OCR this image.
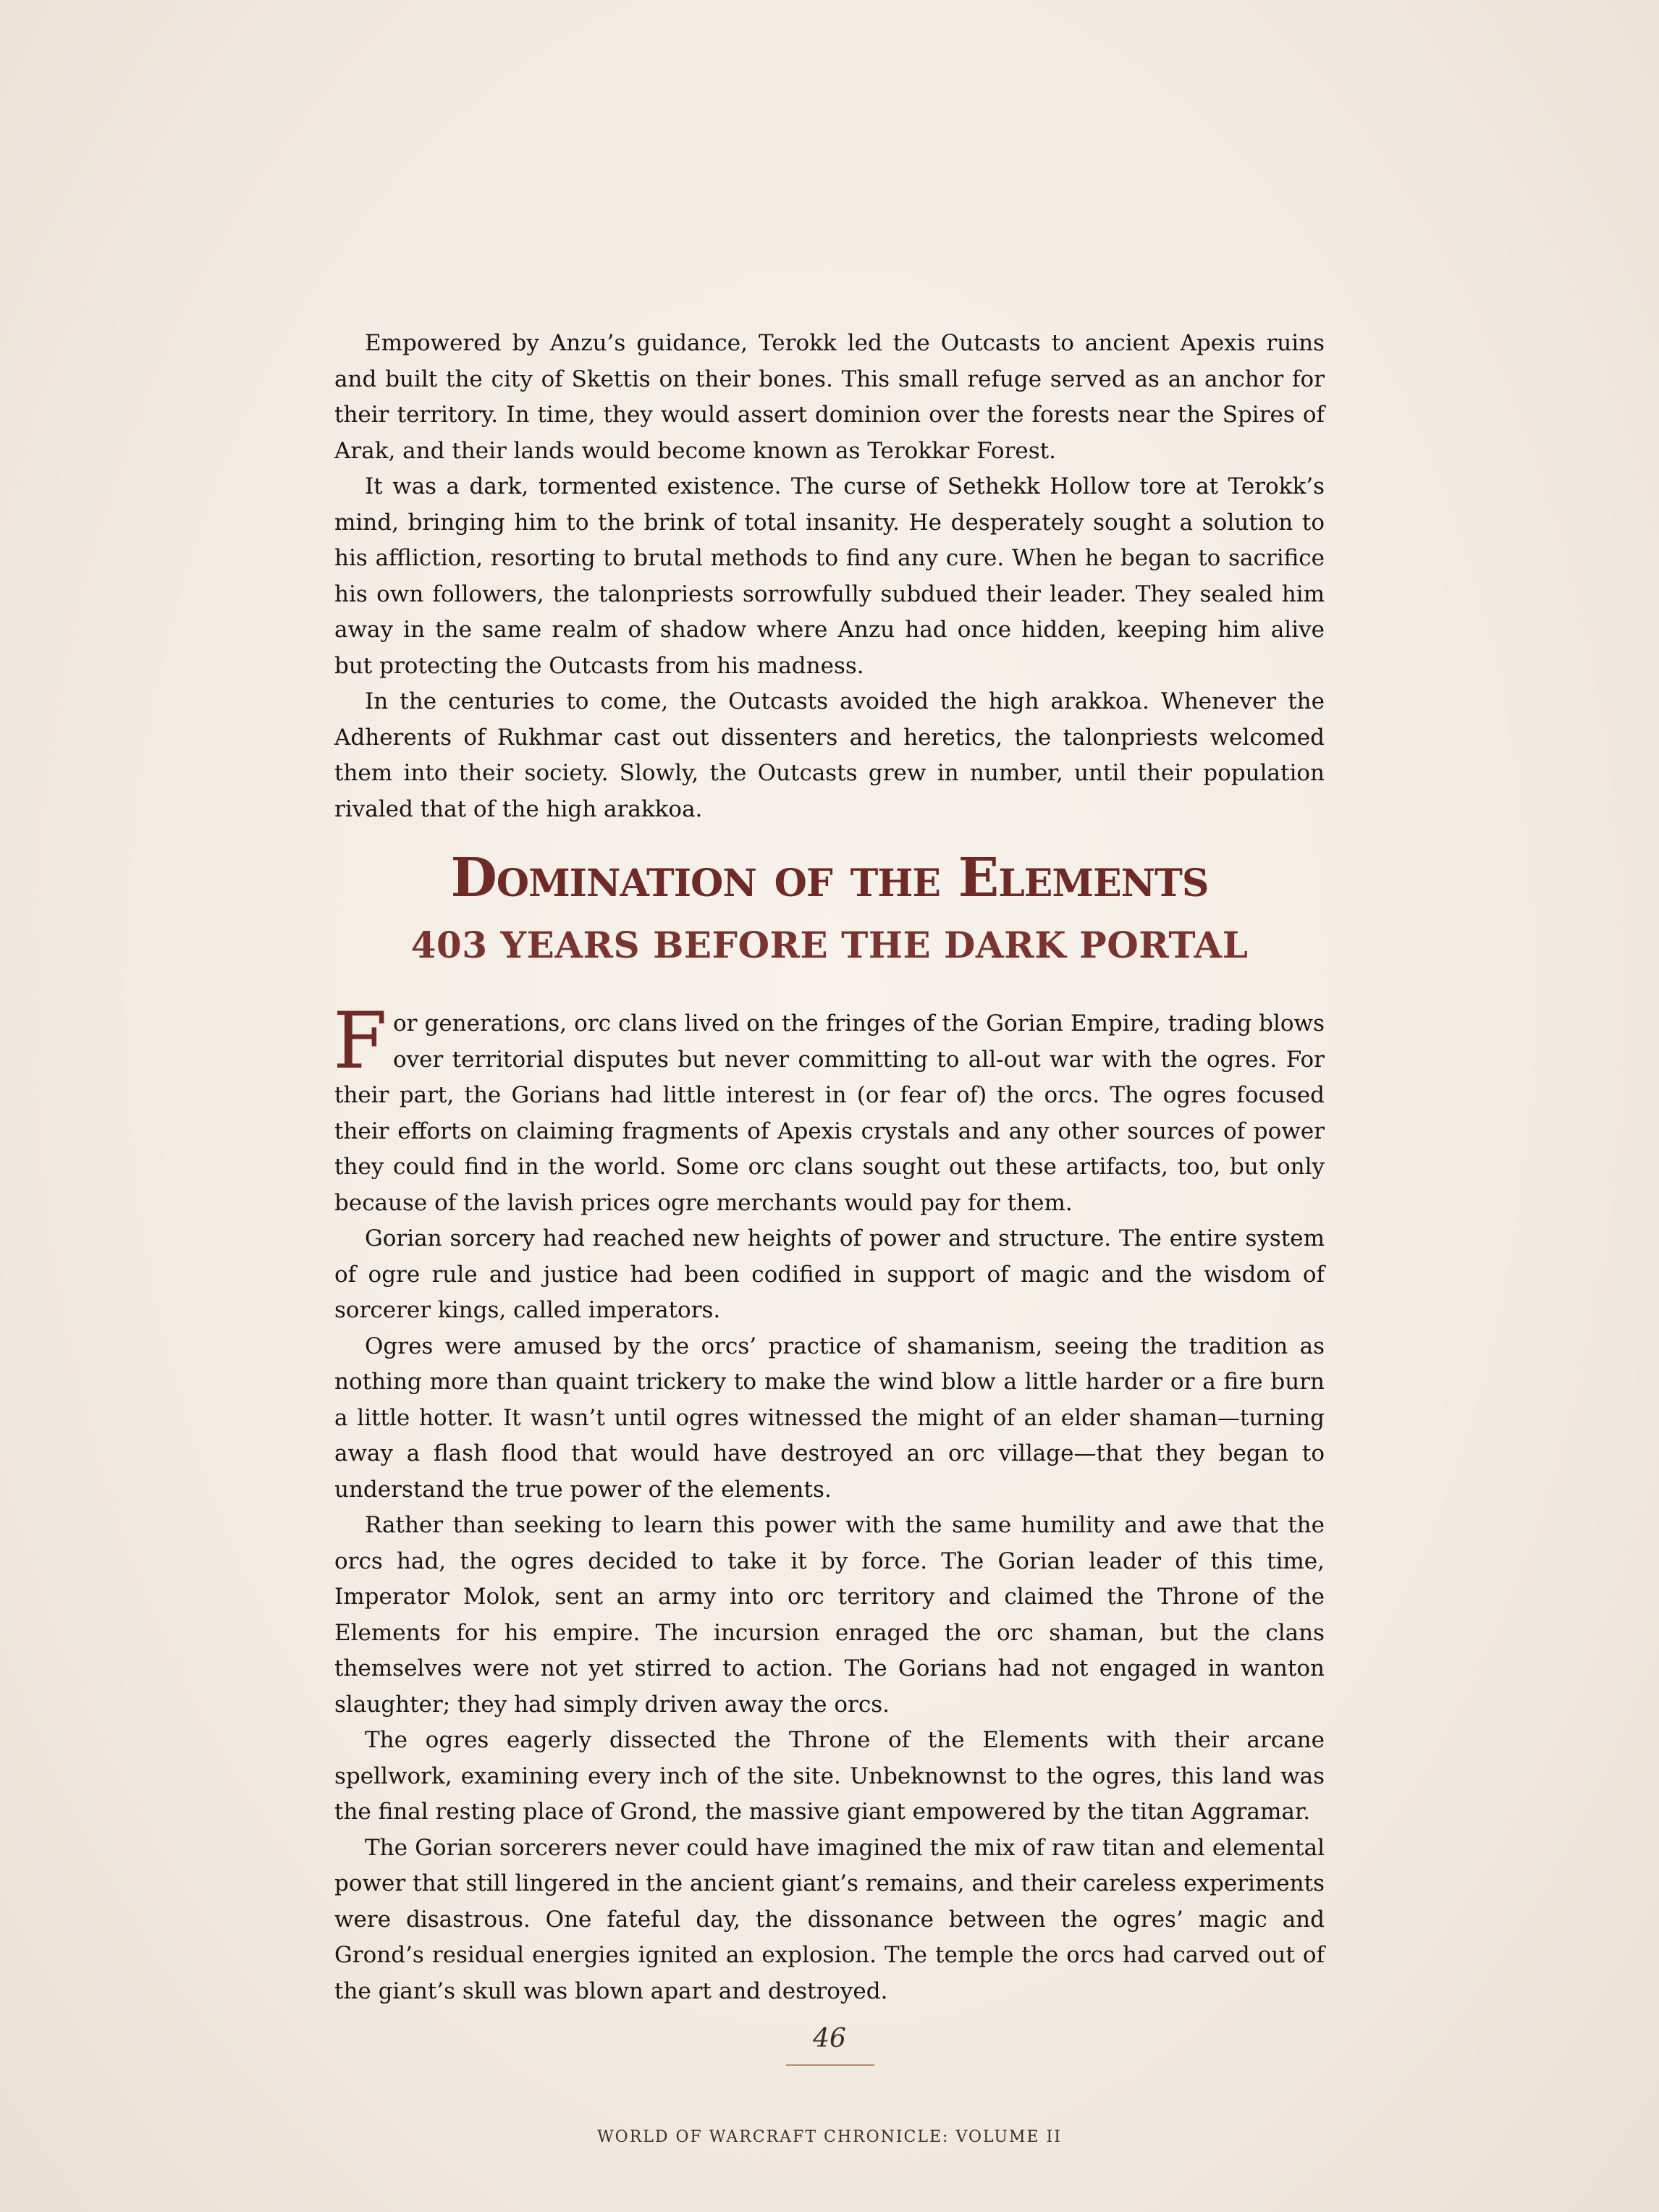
Empowered by Anzu’s guidance, Terokk led the Outcasts to ancient Apexis ruins and built the city of Skettis on their bones. This small refuge served as an anchor for their territory. In time, they would assert dominion over the forests near the Spires of Arak, and their lands would become known as Terokkar Forest.

It was a dark, tormented existence. The curse of Sethekk Hollow tore at Terokk’s mind, bringing him to the brink of total insanity. He desperately sought a solution to his affliction, resorting to brutal methods to find any cure. When he began to sacrifice his own followers, the talonpriests sorrowfully subdued their leader. They sealed him away in the same realm of shadow where Anzu had once hidden, keeping him alive but protecting the Outcasts from his madness.

In the centuries to come, the Outcasts avoided the high arakkoa. Whenever the Adherents of Rukhmar cast out dissenters and heretics, the talonpriests welcomed them into their society. Slowly, the Outcasts grew in number, until their population rivaled that of the high arakkoa.

Domination of the Elements
403 YEARS BEFORE THE DARK PORTAL

For generations, orc clans lived on the fringes of the Gorian Empire, trading blows over territorial disputes but never committing to all-out war with the ogres. For their part, the Gorians had little interest in (or fear of) the orcs. The ogres focused their efforts on claiming fragments of Apexis crystals and any other sources of power they could find in the world. Some orc clans sought out these artifacts, too, but only because of the lavish prices ogre merchants would pay for them.

Gorian sorcery had reached new heights of power and structure. The entire system of ogre rule and justice had been codified in support of magic and the wisdom of sorcerer kings, called imperators.

Ogres were amused by the orcs’ practice of shamanism, seeing the tradition as nothing more than quaint trickery to make the wind blow a little harder or a fire burn a little hotter. It wasn’t until ogres witnessed the might of an elder shaman—turning away a flash flood that would have destroyed an orc village—that they began to understand the true power of the elements.

Rather than seeking to learn this power with the same humility and awe that the orcs had, the ogres decided to take it by force. The Gorian leader of this time, Imperator Molok, sent an army into orc territory and claimed the Throne of the Elements for his empire. The incursion enraged the orc shaman, but the clans themselves were not yet stirred to action. The Gorians had not engaged in wanton slaughter; they had simply driven away the orcs.

The ogres eagerly dissected the Throne of the Elements with their arcane spellwork, examining every inch of the site. Unbeknownst to the ogres, this land was the final resting place of Grond, the massive giant empowered by the titan Aggramar.

The Gorian sorcerers never could have imagined the mix of raw titan and elemental power that still lingered in the ancient giant’s remains, and their careless experiments were disastrous. One fateful day, the dissonance between the ogres’ magic and Grond’s residual energies ignited an explosion. The temple the orcs had carved out of the giant’s skull was blown apart and destroyed.

46
WORLD OF WARCRAFT CHRONICLE: VOLUME II
